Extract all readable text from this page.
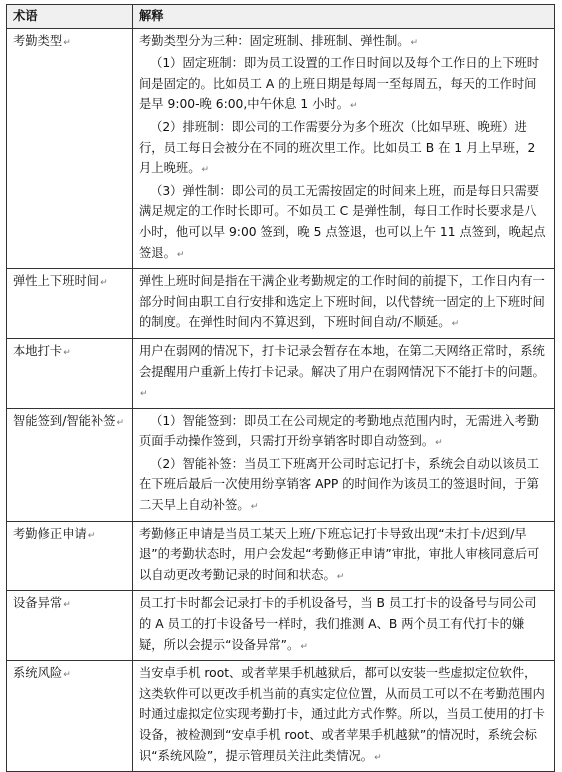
术语	解释
考勤类型↵	考勤类型分为三种：固定班制、排班制、弹性制。↵
（1）固定班制：即为员工设置的工作日时间以及每个工作日的上下班时间是固定的。比如员工 A 的上班日期是每周一至每周五，每天的工作时间是早 9:00-晚 6:00,中午休息 1 小时。↵
（2）排班制：即公司的工作需要分为多个班次（比如早班、晚班）进行，员工每日会被分在不同的班次里工作。比如员工 B 在 1 月上早班，2 月上晚班。↵
（3）弹性制：即公司的员工无需按固定的时间来上班，而是每日只需要满足规定的工作时长即可。不如员工 C 是弹性制，每日工作时长要求是八小时，他可以早 9:00 签到，晚 5 点签退，也可以上午 11 点签到，晚起点签退。↵

弹性上下班时间↵	弹性上班时间是指在干满企业考勤规定的工作时间的前提下，工作日内有一部分时间由职工自行安排和选定上下班时间，以代替统一固定的上下班时间的制度。在弹性时间内不算迟到，下班时间自动/不顺延。↵

本地打卡↵	用户在弱网的情况下，打卡记录会暂存在本地，在第二天网络正常时，系统会提醒用户重新上传打卡记录。解决了用户在弱网情况下不能打卡的问题。↵

智能签到/智能补签↵	（1）智能签到：即员工在公司规定的考勤地点范围内时，无需进入考勤页面手动操作签到，只需打开纷享销客时即自动签到。↵
（2）智能补签：当员工下班离开公司时忘记打卡，系统会自动以该员工在下班后最后一次使用纷享销客 APP 的时间作为该员工的签退时间，于第二天早上自动补签。↵

考勤修正申请↵	考勤修正申请是当员工某天上班/下班忘记打卡导致出现“未打卡/迟到/早退”的考勤状态时，用户会发起“考勤修正申请”审批，审批人审核同意后可以自动更改考勤记录的时间和状态。↵

设备异常↵	员工打卡时都会记录打卡的手机设备号，当 B 员工打卡的设备号与同公司的 A 员工的打卡设备号一样时，我们推测 A、B 两个员工有代打卡的嫌疑，所以会提示“设备异常”。↵

系统风险↵	当安卓手机 root、或者苹果手机越狱后，都可以安装一些虚拟定位软件，这类软件可以更改手机当前的真实定位位置，从而员工可以不在考勤范围内时通过虚拟定位实现考勤打卡，通过此方式作弊。所以，当员工使用的打卡设备，被检测到“安卓手机 root、或者苹果手机越狱”的情况时，系统会标识“系统风险”，提示管理员关注此类情况。↵
